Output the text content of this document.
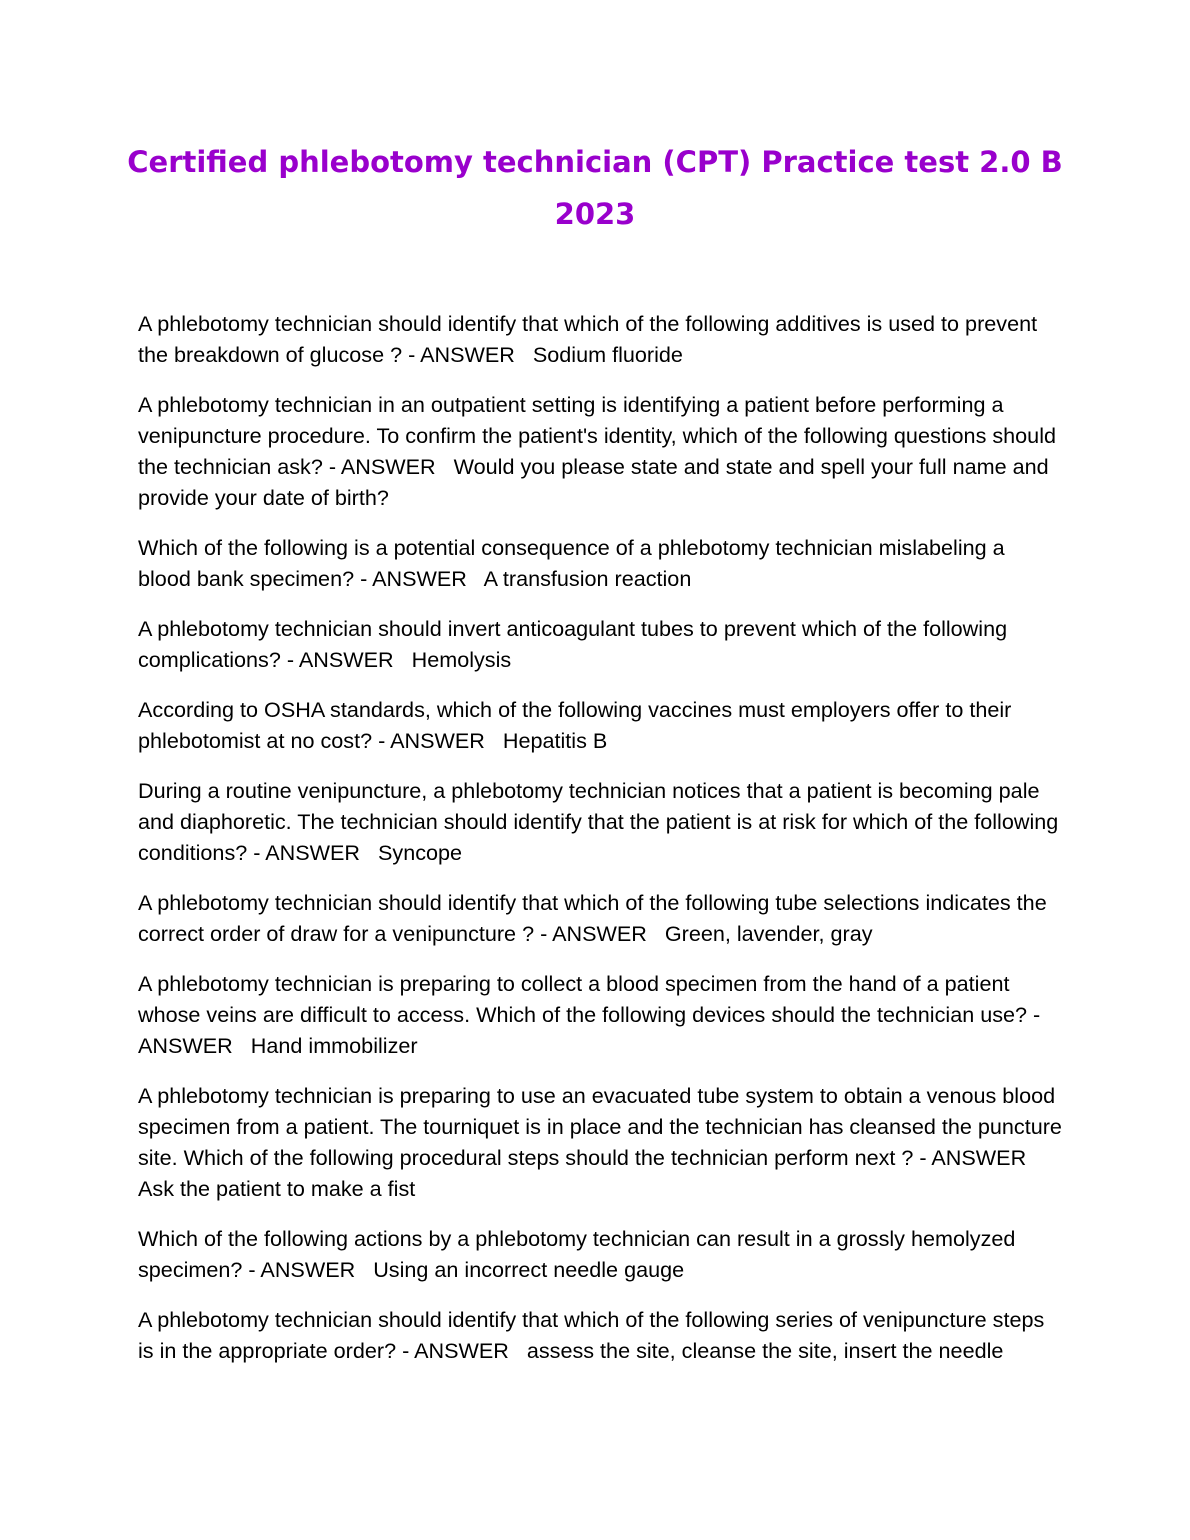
Certified phlebotomy technician (CPT) Practice test 2.0 B 2023
A phlebotomy technician should identify that which of the following additives is used to prevent the breakdown of glucose ? - ANSWER   Sodium fluoride
A phlebotomy technician in an outpatient setting is identifying a patient before performing a venipuncture procedure. To confirm the patient's identity, which of the following questions should the technician ask? - ANSWER   Would you please state and state and spell your full name and provide your date of birth?
Which of the following is a potential consequence of a phlebotomy technician mislabeling a blood bank specimen? - ANSWER   A transfusion reaction
A phlebotomy technician should invert anticoagulant tubes to prevent which of the following complications? - ANSWER   Hemolysis
According to OSHA standards, which of the following vaccines must employers offer to their phlebotomist at no cost? - ANSWER   Hepatitis B
During a routine venipuncture, a phlebotomy technician notices that a patient is becoming pale and diaphoretic. The technician should identify that the patient is at risk for which of the following conditions? - ANSWER   Syncope
A phlebotomy technician should identify that which of the following tube selections indicates the correct order of draw for a venipuncture ? - ANSWER   Green, lavender, gray
A phlebotomy technician is preparing to collect a blood specimen from the hand of a patient whose veins are difficult to access. Which of the following devices should the technician use? - ANSWER   Hand immobilizer
A phlebotomy technician is preparing to use an evacuated tube system to obtain a venous blood specimen from a patient. The tourniquet is in place and the technician has cleansed the puncture site. Which of the following procedural steps should the technician perform next ? - ANSWER   Ask the patient to make a fist
Which of the following actions by a phlebotomy technician can result in a grossly hemolyzed specimen? - ANSWER   Using an incorrect needle gauge
A phlebotomy technician should identify that which of the following series of venipuncture steps is in the appropriate order? - ANSWER   assess the site, cleanse the site, insert the needle
